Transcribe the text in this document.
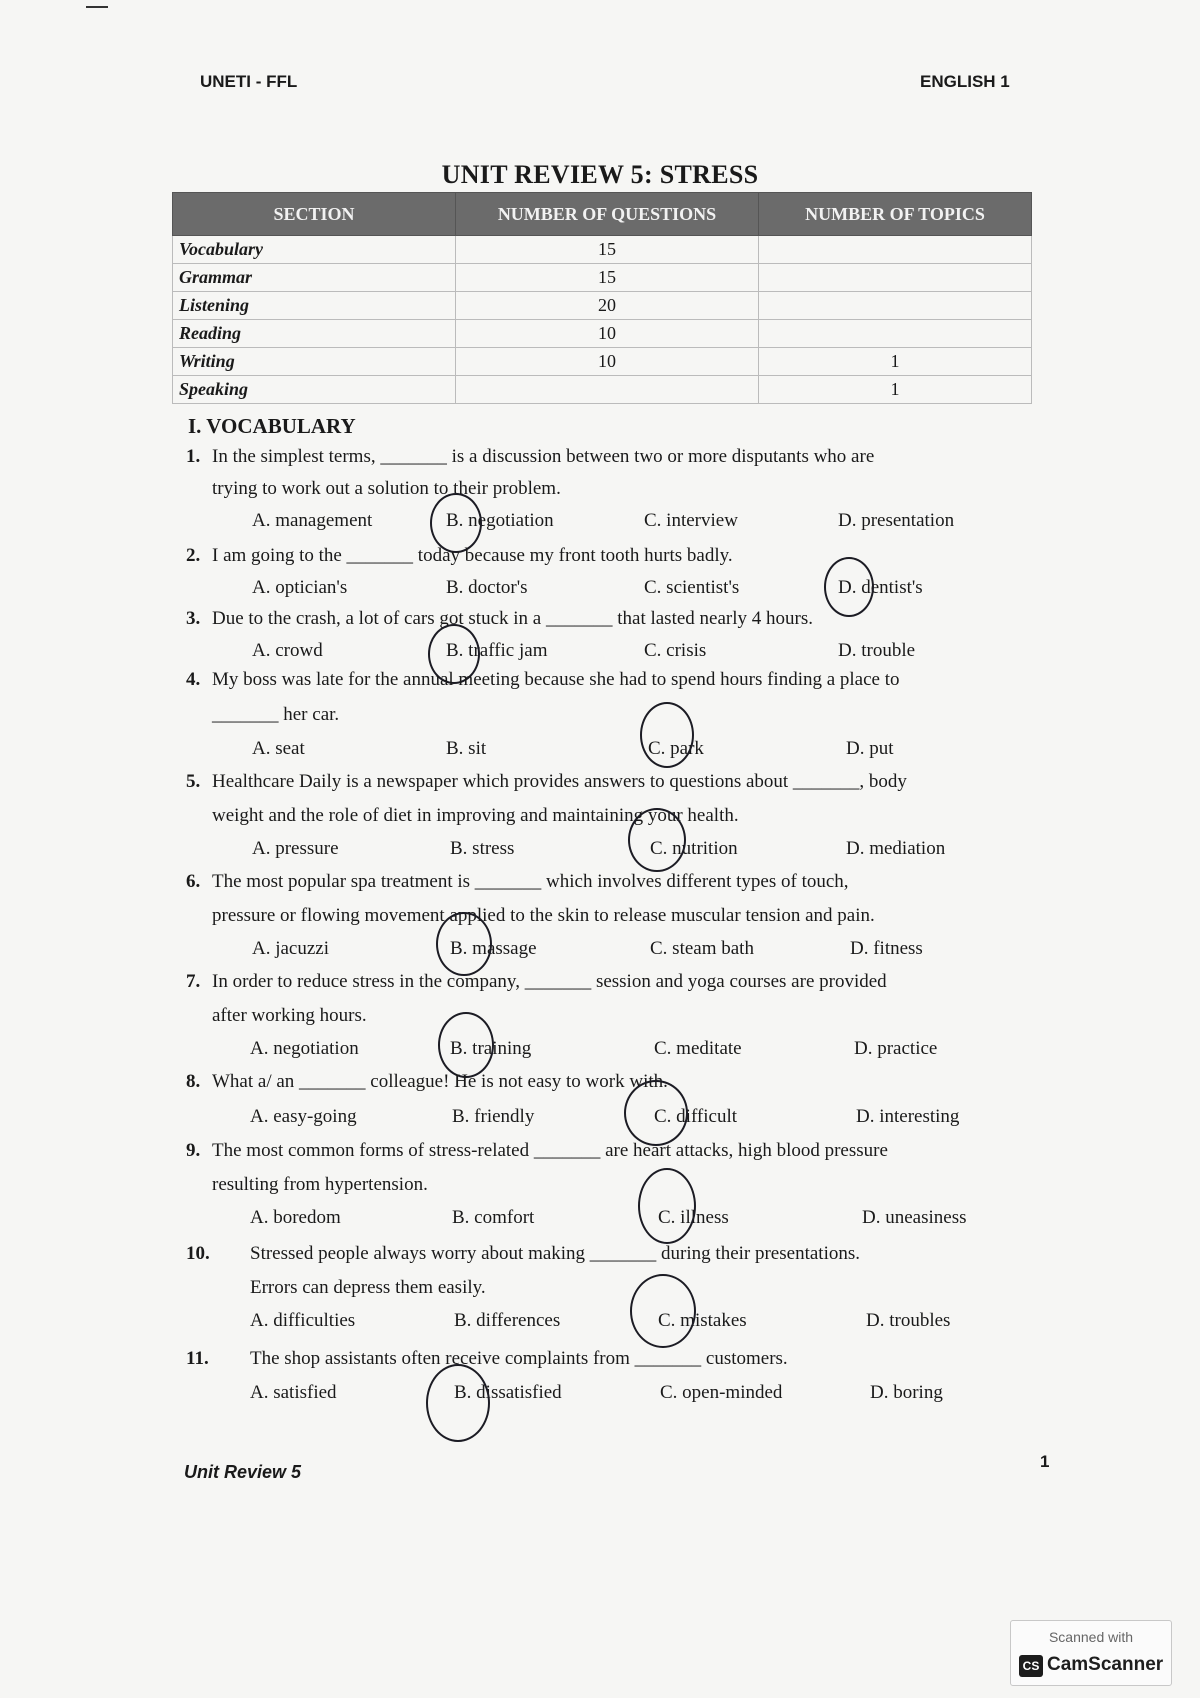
UNETI - FFL	ENGLISH 1
UNIT REVIEW 5: STRESS
SECTION	NUMBER OF QUESTIONS	NUMBER OF TOPICS
Vocabulary	15	
Grammar	15	
Listening	20	
Reading	10	
Writing	10	1
Speaking		1
I. VOCABULARY
1. In the simplest terms, _______ is a discussion between two or more disputants who are
trying to work out a solution to their problem.
A. management	B. negotiation	C. interview	D. presentation
2. I am going to the _______ today because my front tooth hurts badly.
A. optician's	B. doctor's	C. scientist's	D. dentist's
3. Due to the crash, a lot of cars got stuck in a _______ that lasted nearly 4 hours.
A. crowd	B. traffic jam	C. crisis	D. trouble
4. My boss was late for the annual meeting because she had to spend hours finding a place to
_______ her car.
A. seat	B. sit	C. park	D. put
5. Healthcare Daily is a newspaper which provides answers to questions about _______, body
weight and the role of diet in improving and maintaining your health.
A. pressure	B. stress	C. nutrition	D. mediation
6. The most popular spa treatment is _______ which involves different types of touch,
pressure or flowing movement applied to the skin to release muscular tension and pain.
A. jacuzzi	B. massage	C. steam bath	D. fitness
7. In order to reduce stress in the company, _______ session and yoga courses are provided
after working hours.
A. negotiation	B. training	C. meditate	D. practice
8. What a/ an _______ colleague! He is not easy to work with.
A. easy-going	B. friendly	C. difficult	D. interesting
9. The most common forms of stress-related _______ are heart attacks, high blood pressure
resulting from hypertension.
A. boredom	B. comfort	C. illness	D. uneasiness
10. Stressed people always worry about making _______ during their presentations.
Errors can depress them easily.
A. difficulties	B. differences	C. mistakes	D. troubles
11. The shop assistants often receive complaints from _______ customers.
A. satisfied	B. dissatisfied	C. open-minded	D. boring
Unit Review 5
1
Scanned with
CS CamScanner
